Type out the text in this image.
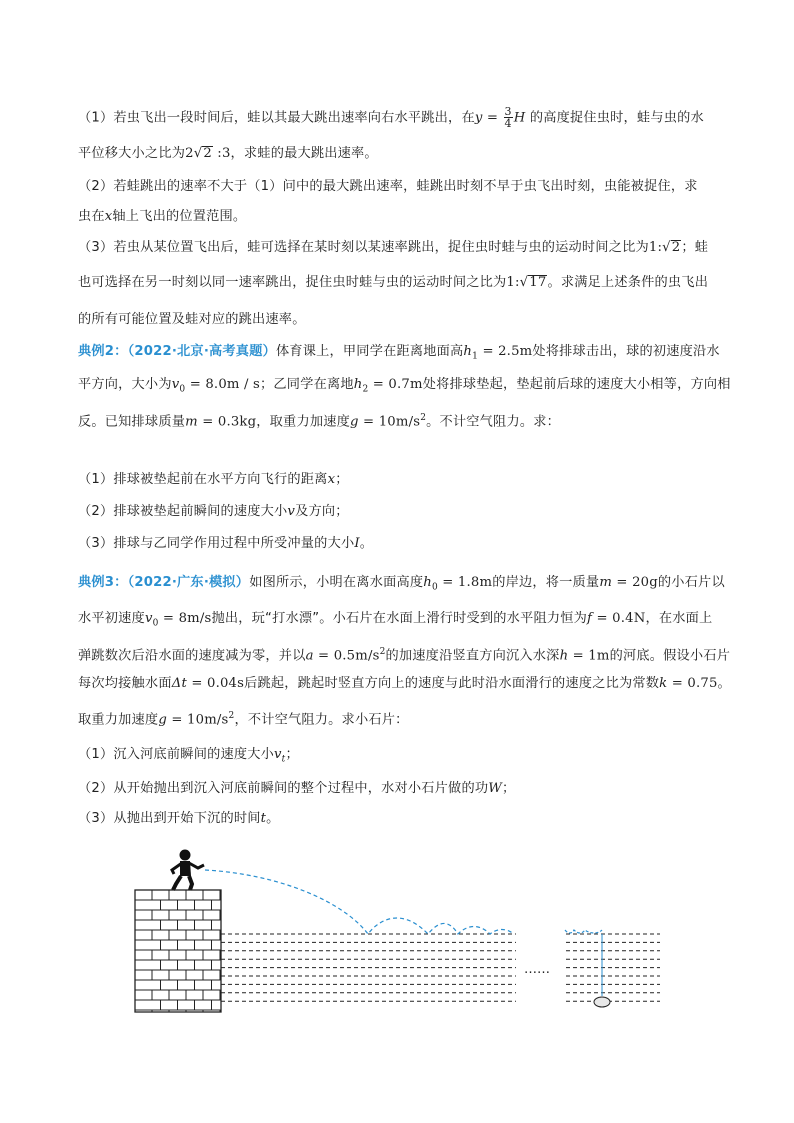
（1）若虫飞出一段时间后，蛙以其最大跳出速率向右水平跳出，在$y = \frac{3}{4}$ H 的高度捉住虫时，蛙与虫的水
平位移大小之比为2√2 :3，求蛙的最大跳出速率。
（2）若蛙跳出的速率不大于（1）问中的最大跳出速率，蛙跳出时刻不早于虫飞出时刻，虫能被捉住，求
虫在x轴上飞出的位置范围。
（3）若虫从某位置飞出后，蛙可选择在某时刻以某速率跳出，捉住虫时蛙与虫的运动时间之比为1:√2；蛙
也可选择在另一时刻以同一速率跳出，捉住虫时蛙与虫的运动时间之比为1:√17。求满足上述条件的虫飞出
的所有可能位置及蛙对应的跳出速率。
典例2：（2022·北京·高考真题）体育课上，甲同学在距离地面高$h_1 = 2.5m$处将排球击出，球的初速度沿水
平方向，大小为$v_0 = 8.0m / s$；乙同学在离地$h_2 = 0.7m$处将排球垫起，垫起前后球的速度大小相等，方向相
反。已知排球质量m = 0.3kg，取重力加速度$g = 10m/s^2$。不计空气阻力。求：
（1）排球被垫起前在水平方向飞行的距离x；
（2）排球被垫起前瞬间的速度大小v及方向；
（3）排球与乙同学作用过程中所受冲量的大小I。
典例3：（2022·广东·模拟）如图所示，小明在离水面高度$h_0 = 1.8m$的岸边，将一质量m = 20g的小石片以
水平初速度$v_0 = 8m/s$抛出，玩“打水漂”。小石片在水面上滑行时受到的水平阻力恒为f = 0.4N，在水面上
弹跳数次后沿水面的速度减为零，并以$a = 0.5m/s^2$的加速度沿竖直方向沉入水深h = 1m的河底。假设小石片
每次均接触水面Δt = 0.04s后跳起，跳起时竖直方向上的速度与此时沿水面滑行的速度之比为常数k = 0.75。
取重力加速度$g = 10m/s^2$，不计空气阻力。求小石片：
（1）沉入河底前瞬间的速度大小$v_t$；
（2）从开始抛出到沉入河底前瞬间的整个过程中，水对小石片做的功W；
（3）从抛出到开始下沉的时间t。
……
